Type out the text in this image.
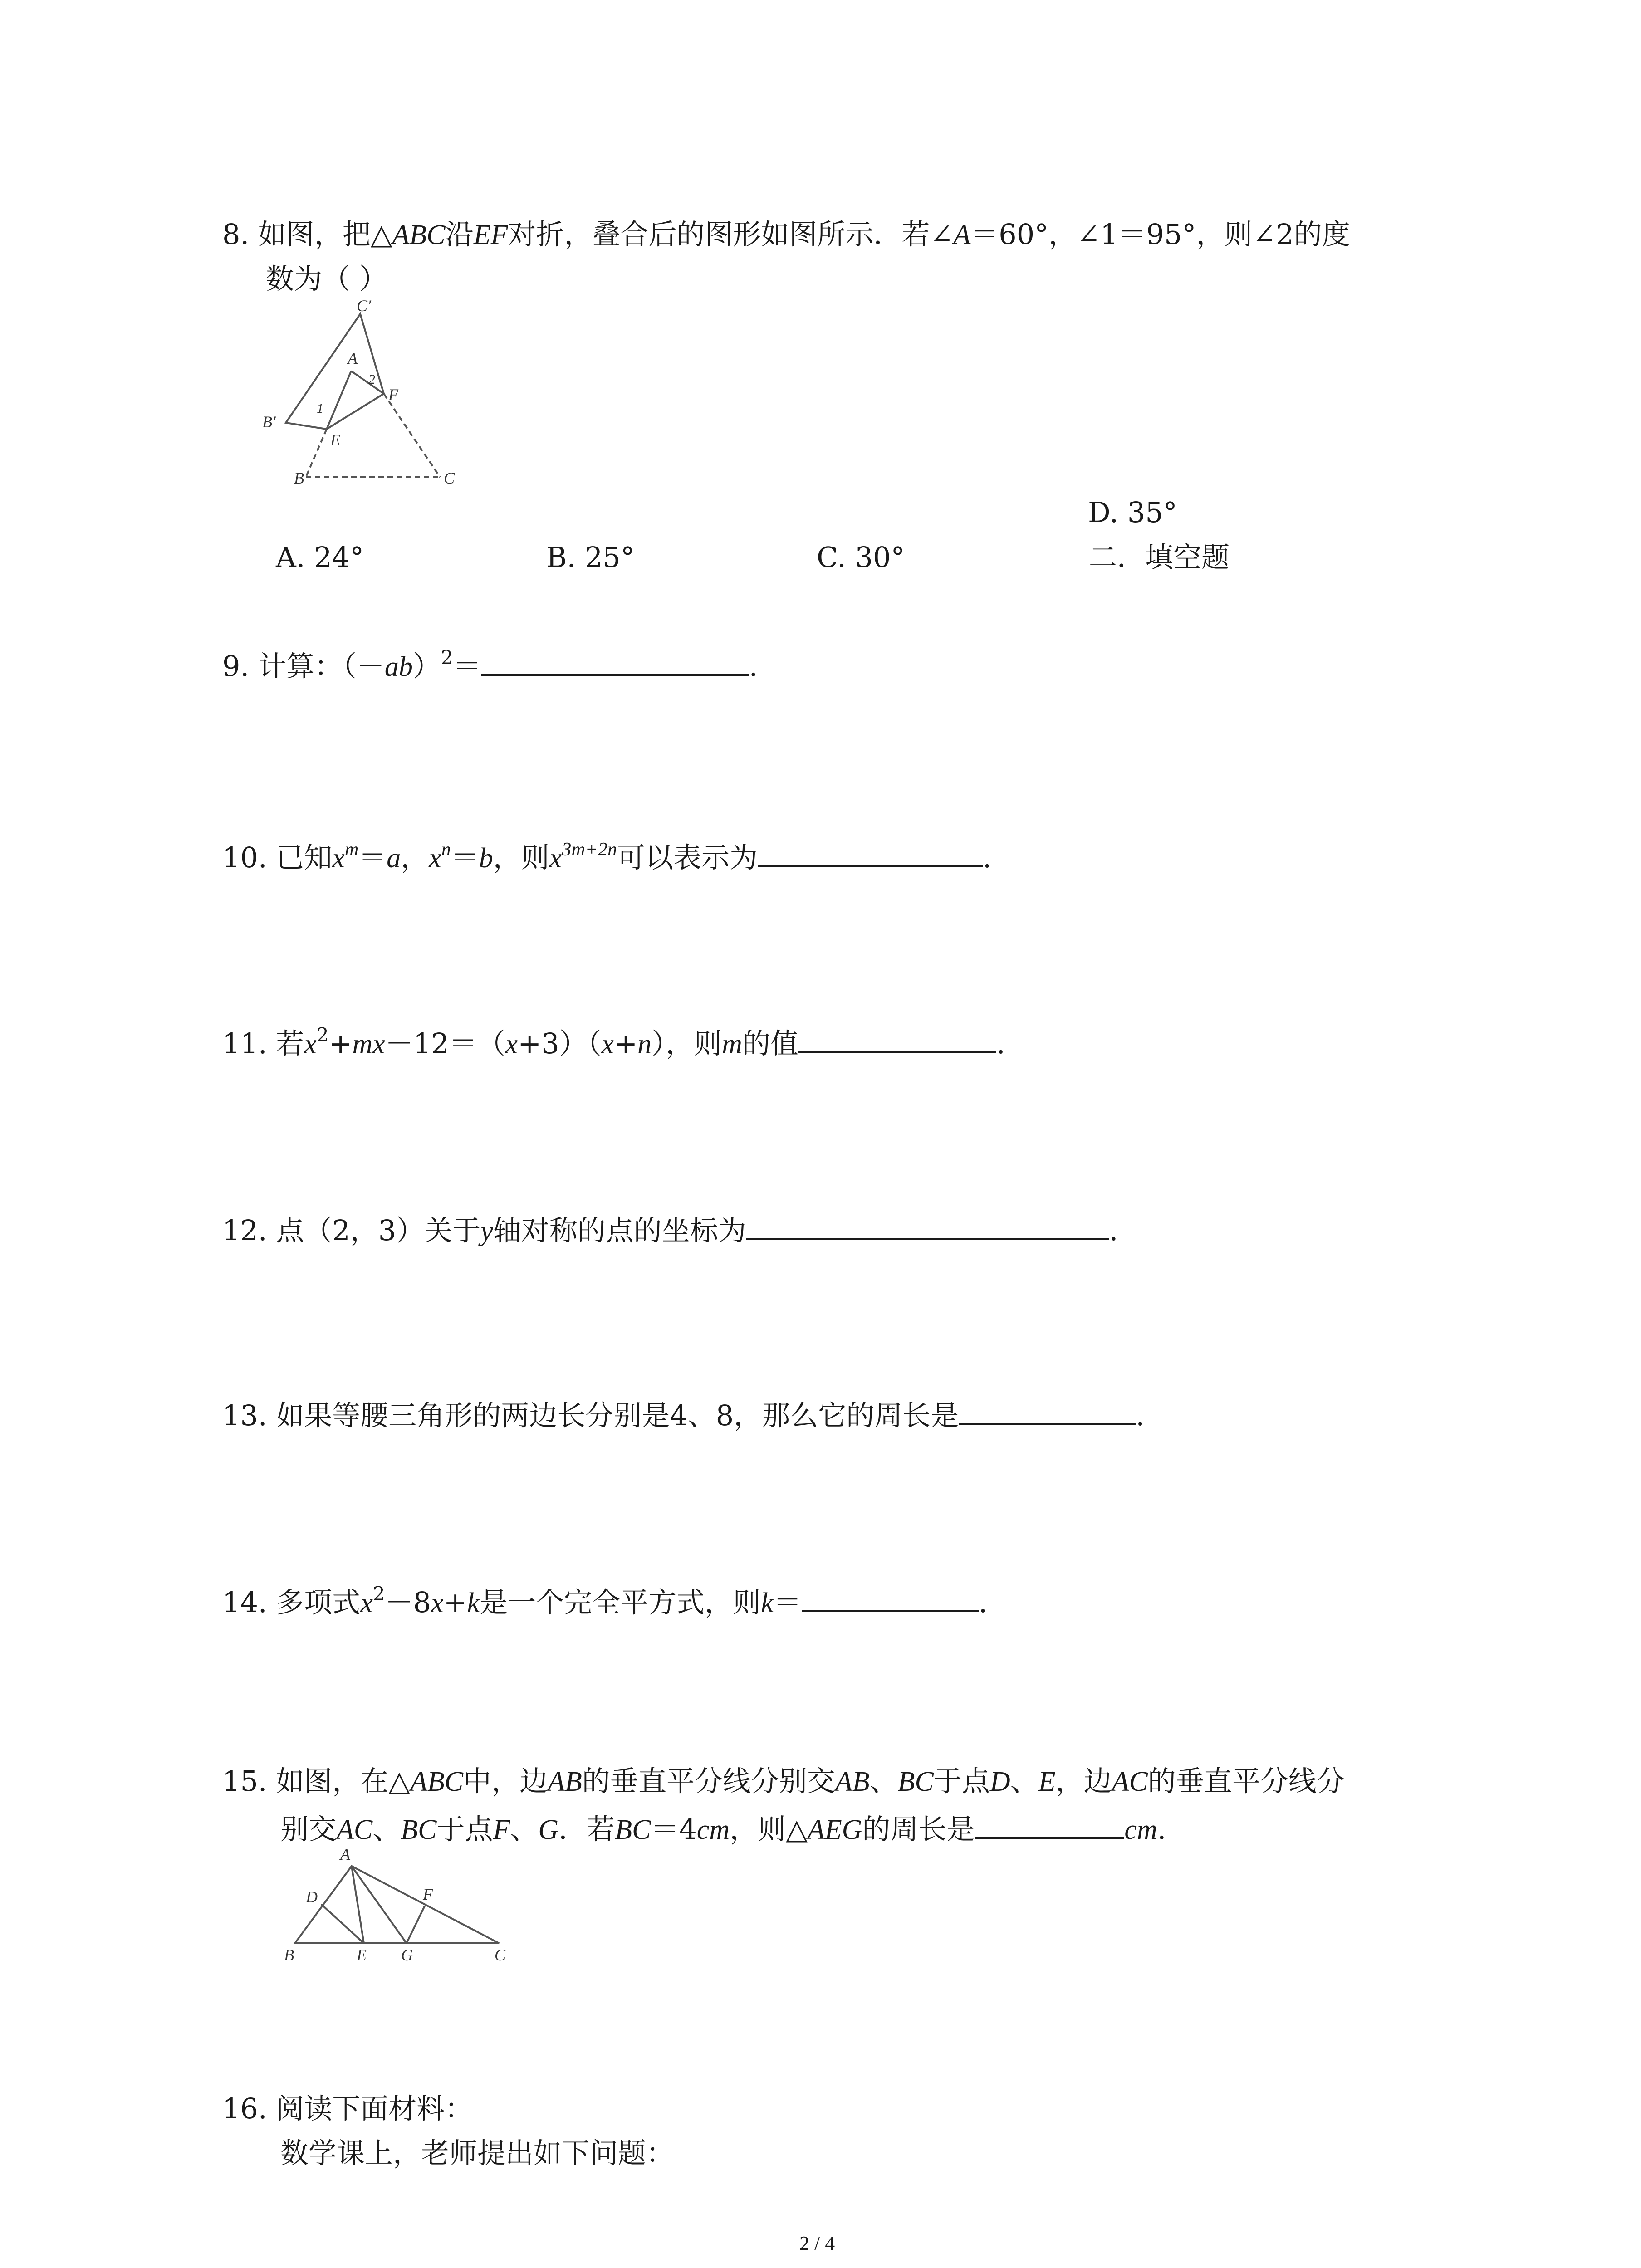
8. 如图，把△ABC沿EF对折，叠合后的图形如图所示．若∠A＝60°，∠1＝95°，则∠2的度
数为（ ）
C′
A
2
F
B′
1
E
B	C
D. 35°
A. 24°	B. 25°	C. 30°	二．填空题
9. 计算：$(-ab)^2=$	.
10. 已知$x^m=a$，$x^n=b$，则$x^{3m+2n}$可以表示为	.
11. 若$x^2+mx-12=(x+3)(x+n)$，则m的值	.
12. 点（2，3）关于y轴对称的点的坐标为	.
13. 如果等腰三角形的两边长分别是4、8，那么它的周长是	.
14. 多项式$x^2-8x+k$是一个完全平方式，则k＝	.
15. 如图，在△ABC中，边AB的垂直平分线分别交AB、BC于点D、E，边AC的垂直平分线分
别交AC、BC于点F、G．若BC＝4cm，则△AEG的周长是	cm.
A
D	F
B	E G	C
16. 阅读下面材料：
数学课上，老师提出如下问题：
2 / 4
